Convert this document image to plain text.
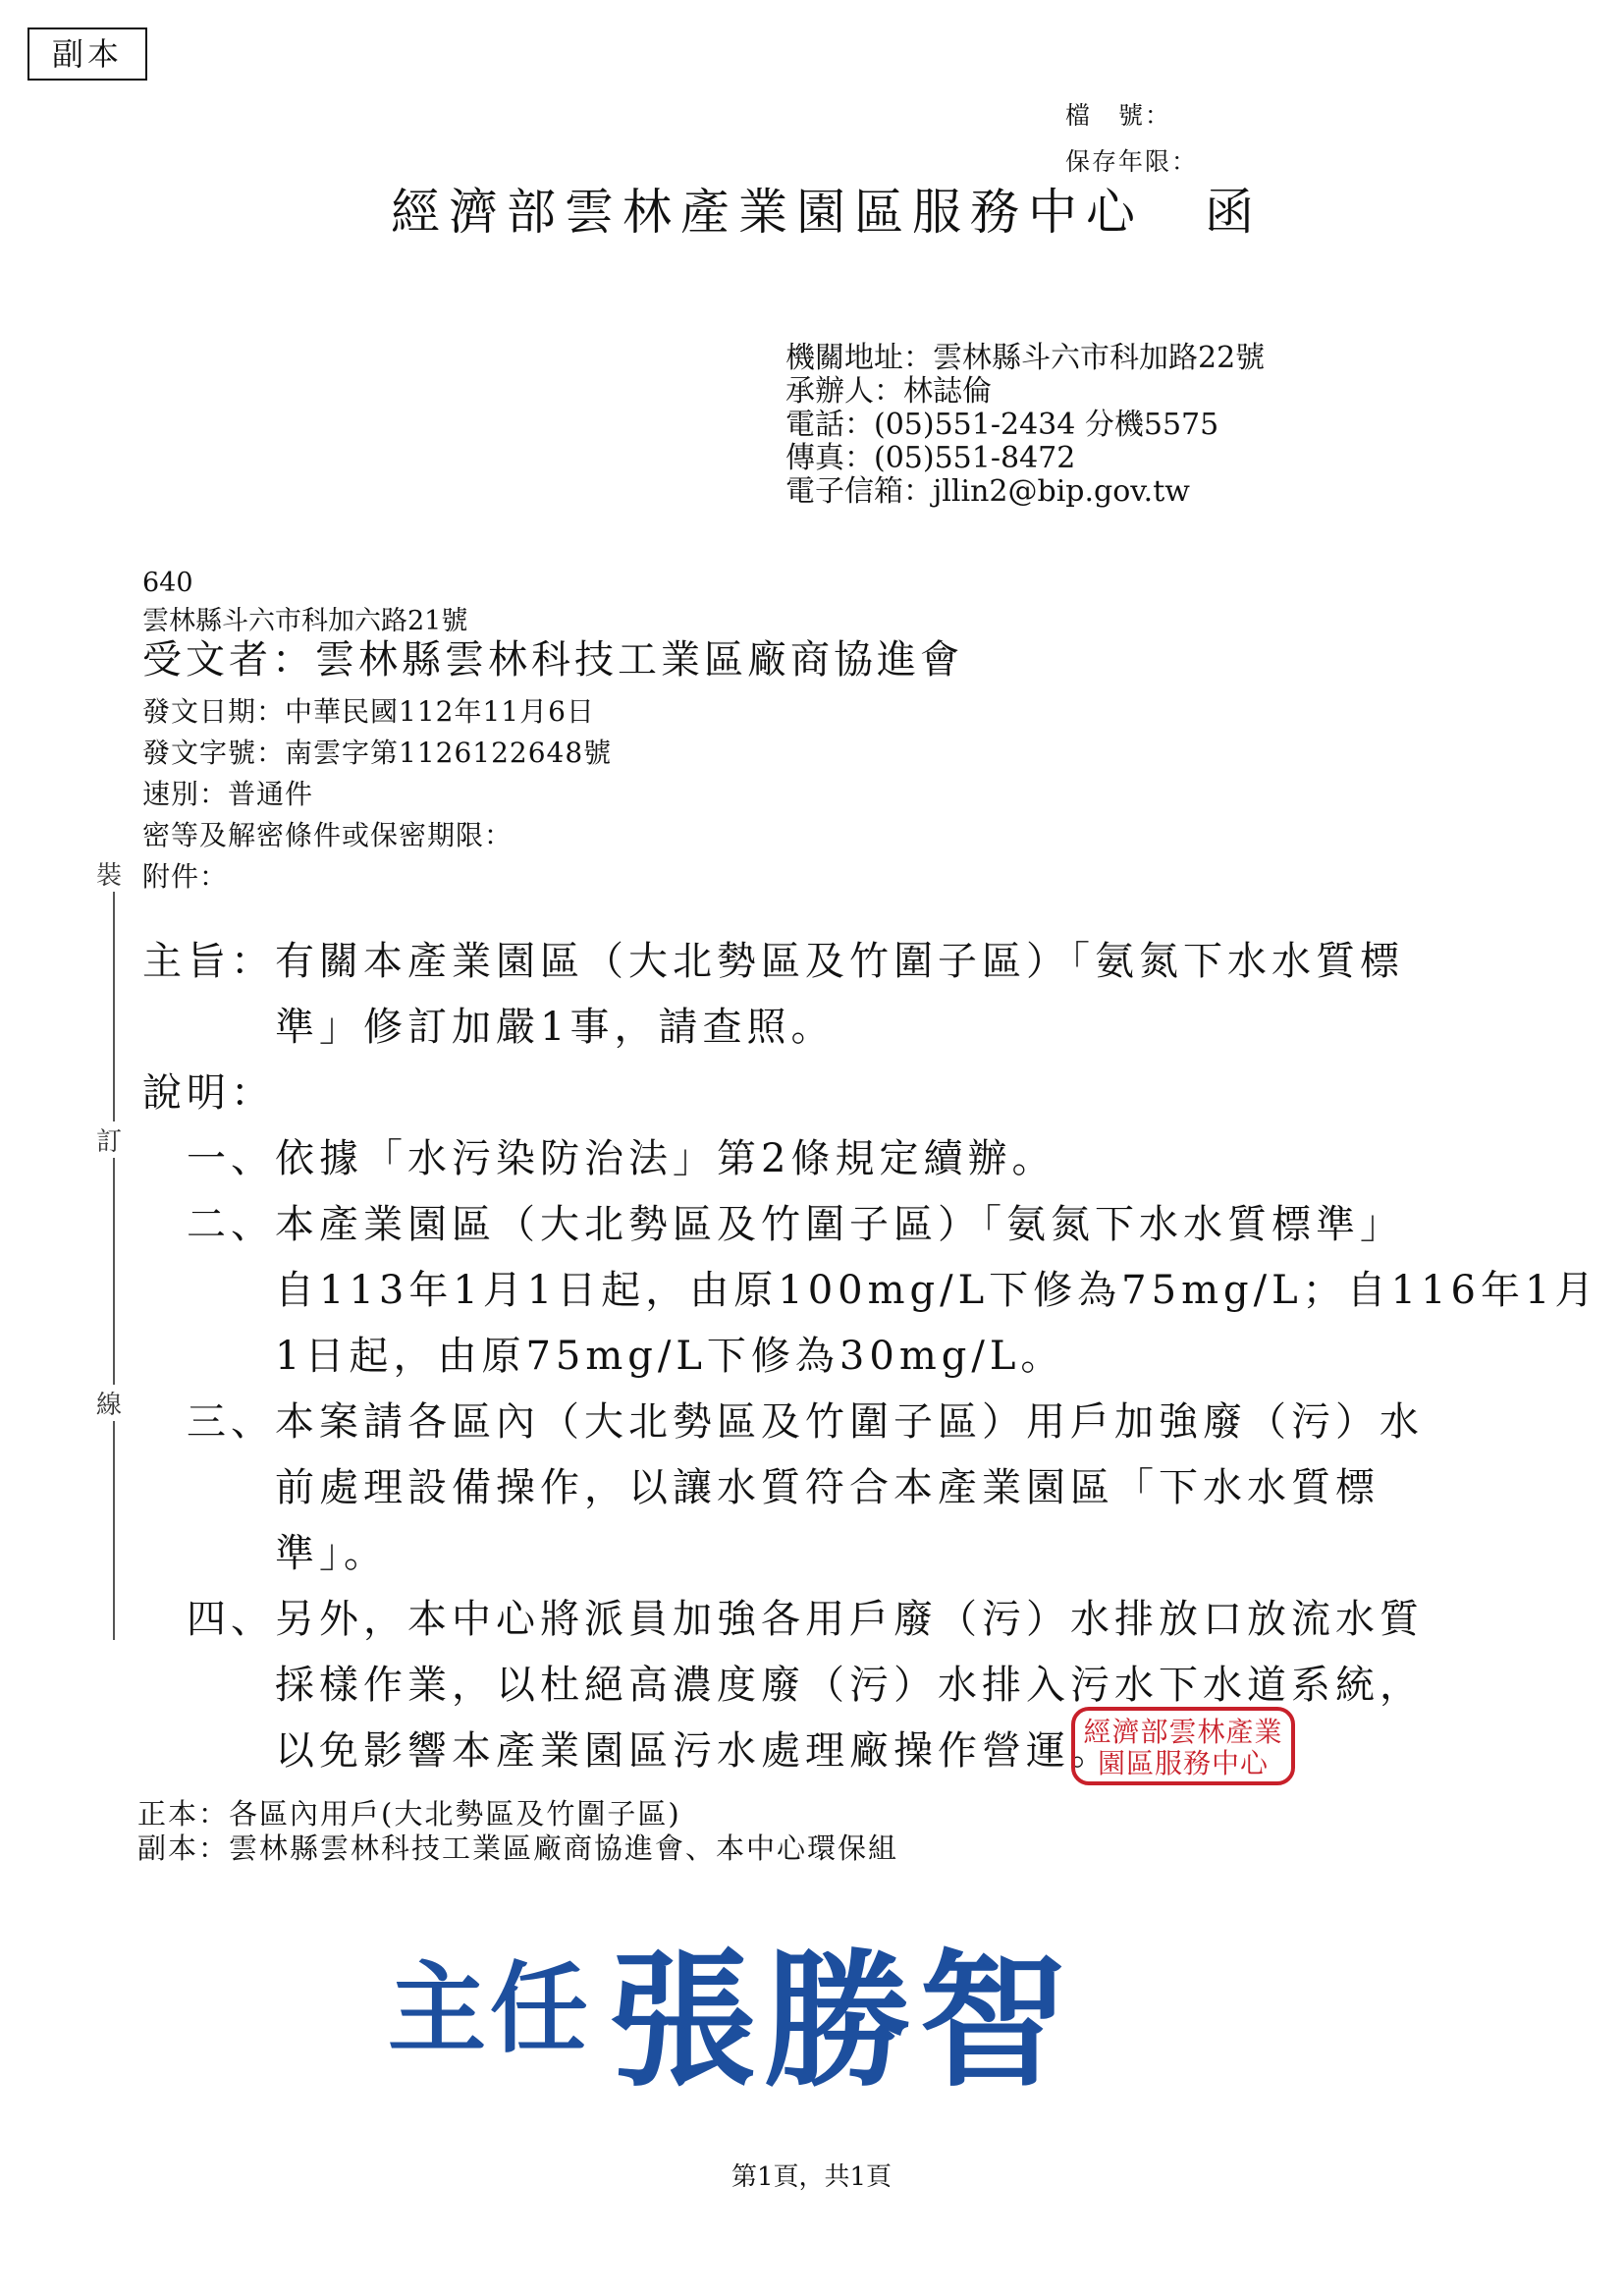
副本
檔　號：
保存年限：
經濟部雲林產業園區服務中心 函
機關地址：雲林縣斗六市科加路22號
承辦人：林誌倫
電話：(05)551-2434 分機5575
傳真：(05)551-8472
電子信箱：jllin2@bip.gov.tw
640
雲林縣斗六市科加六路21號
受文者：雲林縣雲林科技工業區廠商協進會
發文日期：中華民國112年11月6日
發文字號：南雲字第1126122648號
速別：普通件
密等及解密條件或保密期限：
附件：
裝
訂
線
主旨：有關本產業園區（大北勢區及竹圍子區）「氨氮下水水質標
準」修訂加嚴1事，請查照。
說明：
一、依據「水污染防治法」第2條規定續辦。
二、本產業園區（大北勢區及竹圍子區）「氨氮下水水質標準」
自113年1月1日起，由原100mg/L下修為75mg/L；自116年1月
1日起，由原75mg/L下修為30mg/L。
三、本案請各區內（大北勢區及竹圍子區）用戶加強廢（污）水
前處理設備操作，以讓水質符合本產業園區「下水水質標
準」。
四、另外，本中心將派員加強各用戶廢（污）水排放口放流水質
採樣作業，以杜絕高濃度廢（污）水排入污水下水道系統，
以免影響本產業園區污水處理廠操作營運。
經濟部雲林產業
園區服務中心
正本：各區內用戶(大北勢區及竹圍子區)
副本：雲林縣雲林科技工業區廠商協進會、本中心環保組
主任 張勝智
第1頁，共1頁
